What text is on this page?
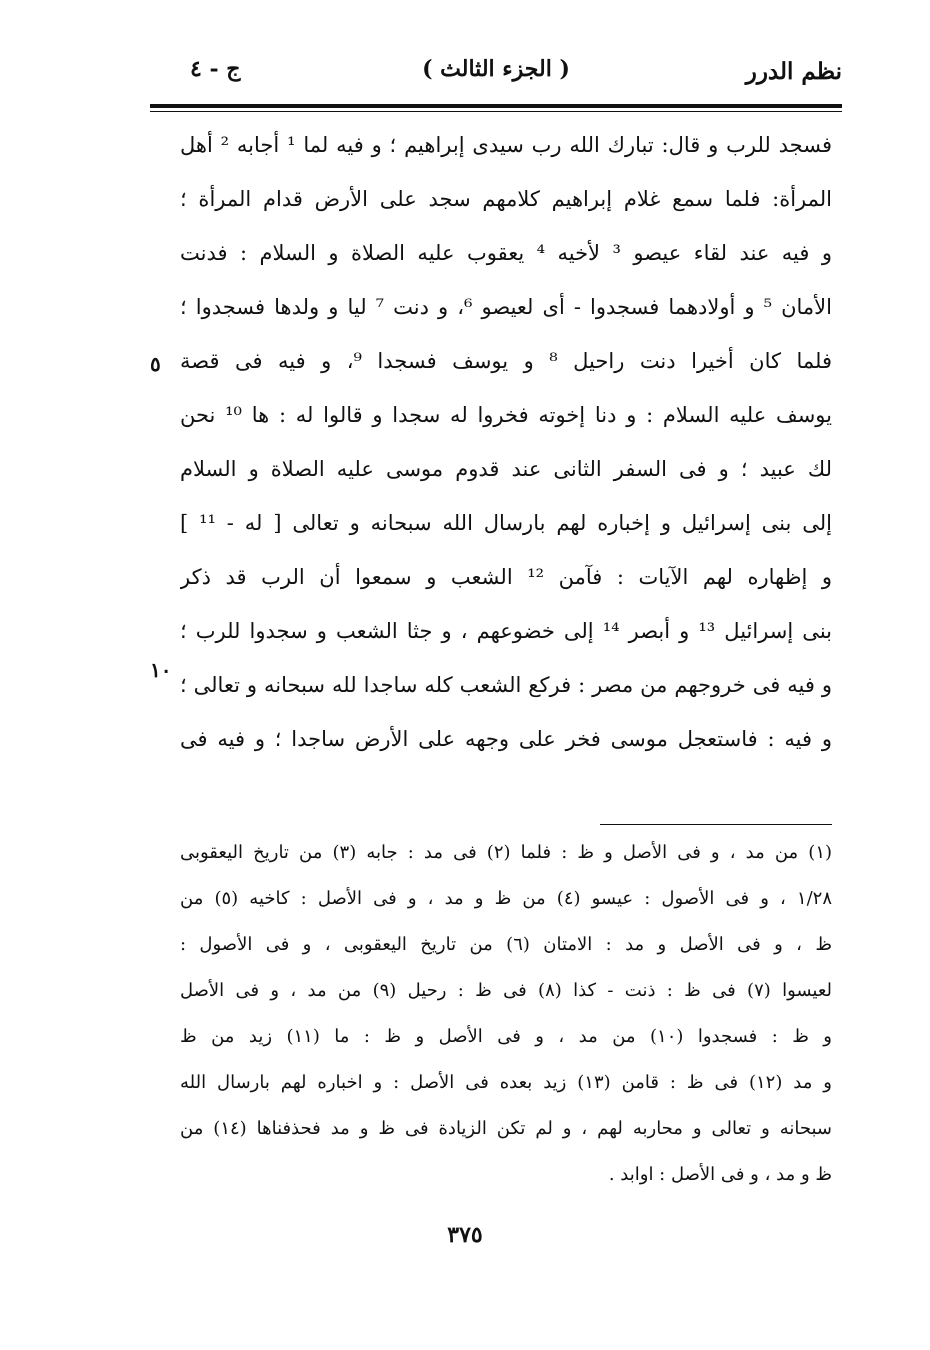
نظم الدرر
( الجزء الثالث )
ج - ٤
فسجد للرب و قال: تبارك الله رب سيدى إبراهيم ؛ و فيه لما ¹ أجابه ² أهل
المرأة: فلما سمع غلام إبراهيم كلامهم سجد على الأرض قدام المرأة ؛
و فيه عند لقاء عيصو ³ لأخيه ⁴ يعقوب عليه الصلاة و السلام : فدنت
الأمان ⁵ و أولادهما فسجدوا - أى لعيصو ⁶، و دنت ⁷ ليا و ولدها فسجدوا ؛
فلما كان أخيرا دنت راحيل ⁸ و يوسف فسجدا ⁹، و فيه فى قصة
يوسف عليه السلام : و دنا إخوته فخروا له سجدا و قالوا له : ها ¹⁰ نحن
لك عبيد ؛ و فى السفر الثانى عند قدوم موسى عليه الصلاة و السلام
إلى بنى إسرائيل و إخباره لهم بارسال الله سبحانه و تعالى [ له - ¹¹ ]
و إظهاره لهم الآيات : فآمن ¹² الشعب و سمعوا أن الرب قد ذكر
بنى إسرائيل ¹³ و أبصر ¹⁴ إلى خضوعهم ، و جثا الشعب و سجدوا للرب ؛
و فيه فى خروجهم من مصر : فركع الشعب كله ساجدا لله سبحانه و تعالى ؛
و فيه : فاستعجل موسى فخر على وجهه على الأرض ساجدا ؛ و فيه فى
٥
١٠
(١) من مد ، و فى الأصل و ظ : فلما (٢) فى مد : جابه (٣) من تاريخ اليعقوبى
١/٢٨ ، و فى الأصول : عيسو (٤) من ظ و مد ، و فى الأصل : كاخيه (٥) من
ظ ، و فى الأصل و مد : الامتان (٦) من تاريخ اليعقوبى ، و فى الأصول :
لعيسوا (٧) فى ظ : ذنت - كذا (٨) فى ظ : رحيل (٩) من مد ، و فى الأصل
و ظ : فسجدوا (١٠) من مد ، و فى الأصل و ظ : ما (١١) زيد من ظ
و مد (١٢) فى ظ : قامن (١٣) زيد بعده فى الأصل : و اخباره لهم بارسال الله
سبحانه و تعالى و محاربه لهم ، و لم تكن الزيادة فى ظ و مد فحذفناها (١٤) من
ظ و مد ، و فى الأصل : اوابد .
٣٧٥
